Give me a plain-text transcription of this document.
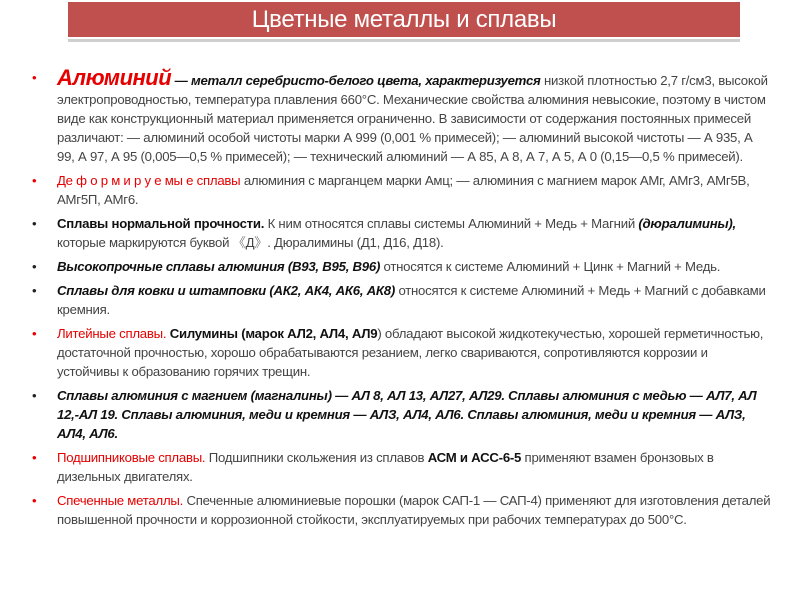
Цветные металлы и сплавы
• Алюминий — металл серебристо-белого цвета, характеризуется низкой плотностью 2,7 г/см3, высокой электропроводностью, температура плавления 660°С. Механические свойства алюминия невысокие, поэтому в чистом виде как конструкционный материал применяется ограниченно. В зависимости от содержания постоянных примесей различают: — алюминий особой чистоты марки А 999 (0,001 % примесей); — алюминий высокой чистоты — А 935, А 99, А 97, А 95 (0,005—0,5 % примесей); — технический алюминий — А 85, А 8, А 7, А 5, А 0 (0,15—0,5 % примесей).
• Де ф о р м и р у е мы е сплавы алюминия с марганцем марки Амц; — алюминия с магнием марок АМг, АМг3, АМг5В, АМг5П, АМг6.
• Сплавы нормальной прочности. К ним относятся сплавы системы Алюминий + Медь + Магний (дюралимины), которые маркируются буквой 《Д》. Дюралимины (Д1, Д16, Д18).
• Высокопрочные сплавы алюминия (В93, В95, В96) относятся к системе Алюминий + Цинк + Магний + Медь.
• Сплавы для ковки и штамповки (АК2, АК4, АК6, АК8) относятся к системе Алюминий + Медь + Магний с добавками кремния.
• Литейные сплавы. Силумины (марок АЛ2, АЛ4, АЛ9) обладают высокой жидкотекучестью, хорошей герметичностью, достаточной прочностью, хорошо обрабатываются резанием, легко свариваются, сопротивляются коррозии и устойчивы к образованию горячих трещин.
• Сплавы алюминия с магнием (магналины) — АЛ 8, АЛ 13, АЛ27, АЛ29. Сплавы алюминия с медью — АЛ7, АЛ 12,-АЛ 19. Сплавы алюминия, меди и кремния — АЛЗ, АЛ4, АЛ6. Сплавы алюминия, меди и кремния — АЛЗ, АЛ4, АЛ6.
• Подшипниковые сплавы. Подшипники скольжения из сплавов АСМ и АСС-6-5 применяют взамен бронзовых в дизельных двигателях.
• Спеченные металлы. Спеченные алюминиевые порошки (марок САП-1 — САП-4) применяют для изготовления деталей повышенной прочности и коррозионной стойкости, эксплуатируемых при рабочих температурах до 500°С.
